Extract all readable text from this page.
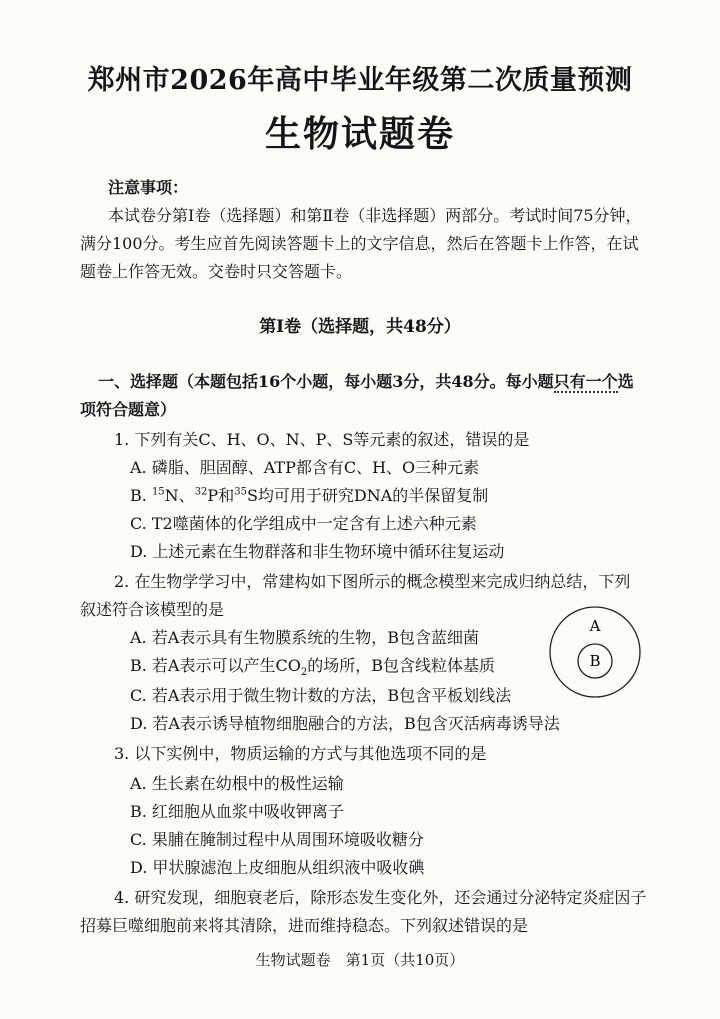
郑州市2026年高中毕业年级第二次质量预测
生物试题卷
注意事项：
本试卷分第Ⅰ卷（选择题）和第Ⅱ卷（非选择题）两部分。考试时间75分钟，
满分100分。考生应首先阅读答题卡上的文字信息，然后在答题卡上作答，在试
题卷上作答无效。交卷时只交答题卡。
第Ⅰ卷（选择题，共48分）
一、选择题（本题包括16个小题，每小题3分，共48分。每小题只有一个选
项符合题意）
1. 下列有关C、H、O、N、P、S等元素的叙述，错误的是
A. 磷脂、胆固醇、ATP都含有C、H、O三种元素
B. $^{15}$N、$^{32}$P和$^{35}$S均可用于研究DNA的半保留复制
C. T2噬菌体的化学组成中一定含有上述六种元素
D. 上述元素在生物群落和非生物环境中循环往复运动
2. 在生物学学习中，常建构如下图所示的概念模型来完成归纳总结，下列
叙述符合该模型的是
A. 若A表示具有生物膜系统的生物，B包含蓝细菌
B. 若A表示可以产生$CO_2$的场所，B包含线粒体基质
C. 若A表示用于微生物计数的方法，B包含平板划线法
D. 若A表示诱导植物细胞融合的方法，B包含灭活病毒诱导法
A
B
3. 以下实例中，物质运输的方式与其他选项不同的是
A. 生长素在幼根中的极性运输
B. 红细胞从血浆中吸收钾离子
C. 果脯在腌制过程中从周围环境吸收糖分
D. 甲状腺滤泡上皮细胞从组织液中吸收碘
4. 研究发现，细胞衰老后，除形态发生变化外，还会通过分泌特定炎症因子
招募巨噬细胞前来将其清除，进而维持稳态。下列叙述错误的是
生物试题卷　第1页（共10页）
